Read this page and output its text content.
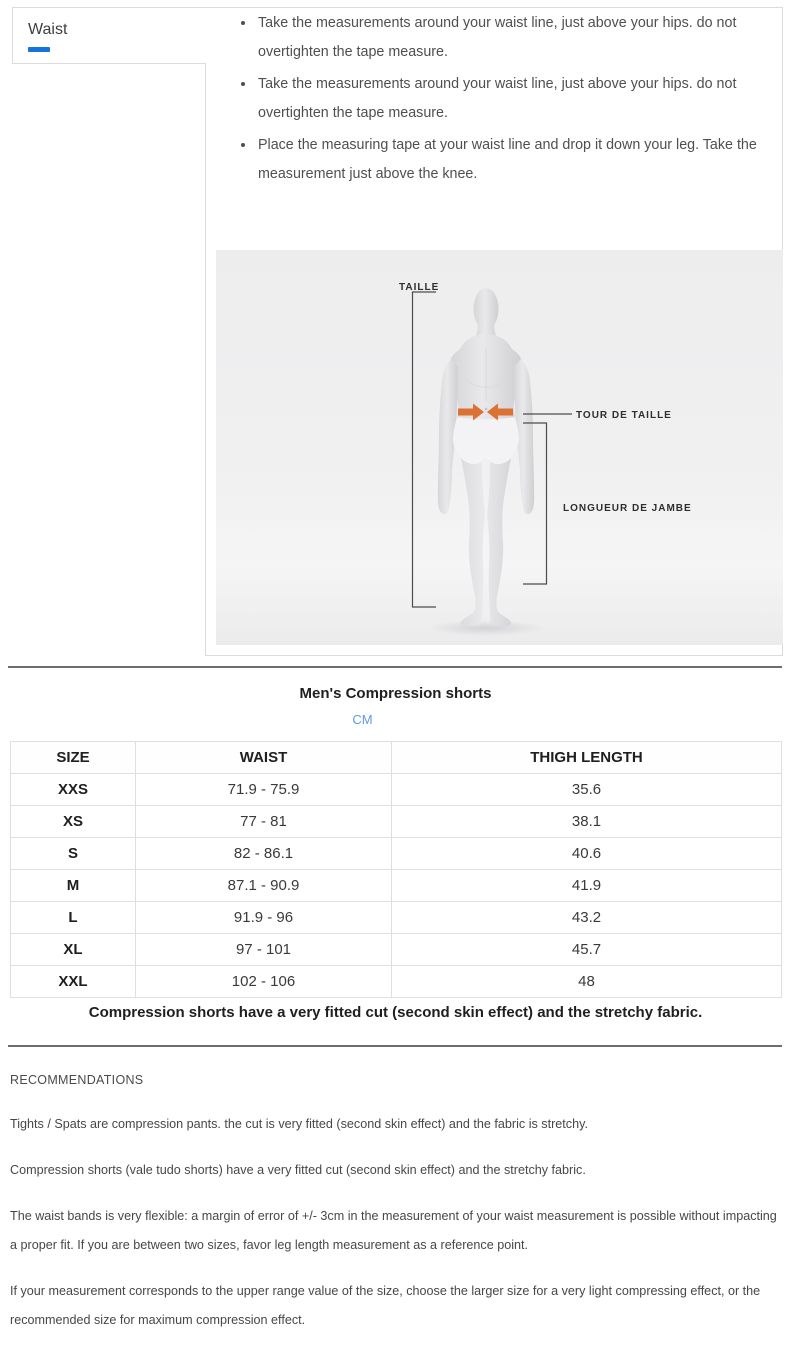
Waist	• Take the measurements around your waist line, just above your hips. do not overtighten the tape measure.
• Take the measurements around your waist line, just above your hips. do not overtighten the tape measure.
• Place the measuring tape at your waist line and drop it down your leg. Take the measurement just above the knee.
TAILLE
TOUR DE TAILLE
LONGUEUR DE JAMBE
Men's Compression shorts
CM
SIZE	WAIST	THIGH LENGTH
XXS	71.9 - 75.9	35.6
XS	77 - 81	38.1
S	82 - 86.1	40.6
M	87.1 - 90.9	41.9
L	91.9 - 96	43.2
XL	97 - 101	45.7
XXL	102 - 106	48
Compression shorts have a very fitted cut (second skin effect) and the stretchy fabric.
RECOMMENDATIONS

Tights / Spats are compression pants. the cut is very fitted (second skin effect) and the fabric is stretchy.

Compression shorts (vale tudo shorts) have a very fitted cut (second skin effect) and the stretchy fabric.

The waist bands is very flexible: a margin of error of +/- 3cm in the measurement of your waist measurement is possible without impacting a proper fit. If you are between two sizes, favor leg length measurement as a reference point.

If your measurement corresponds to the upper range value of the size, choose the larger size for a very light compressing effect, or the recommended size for maximum compression effect.
